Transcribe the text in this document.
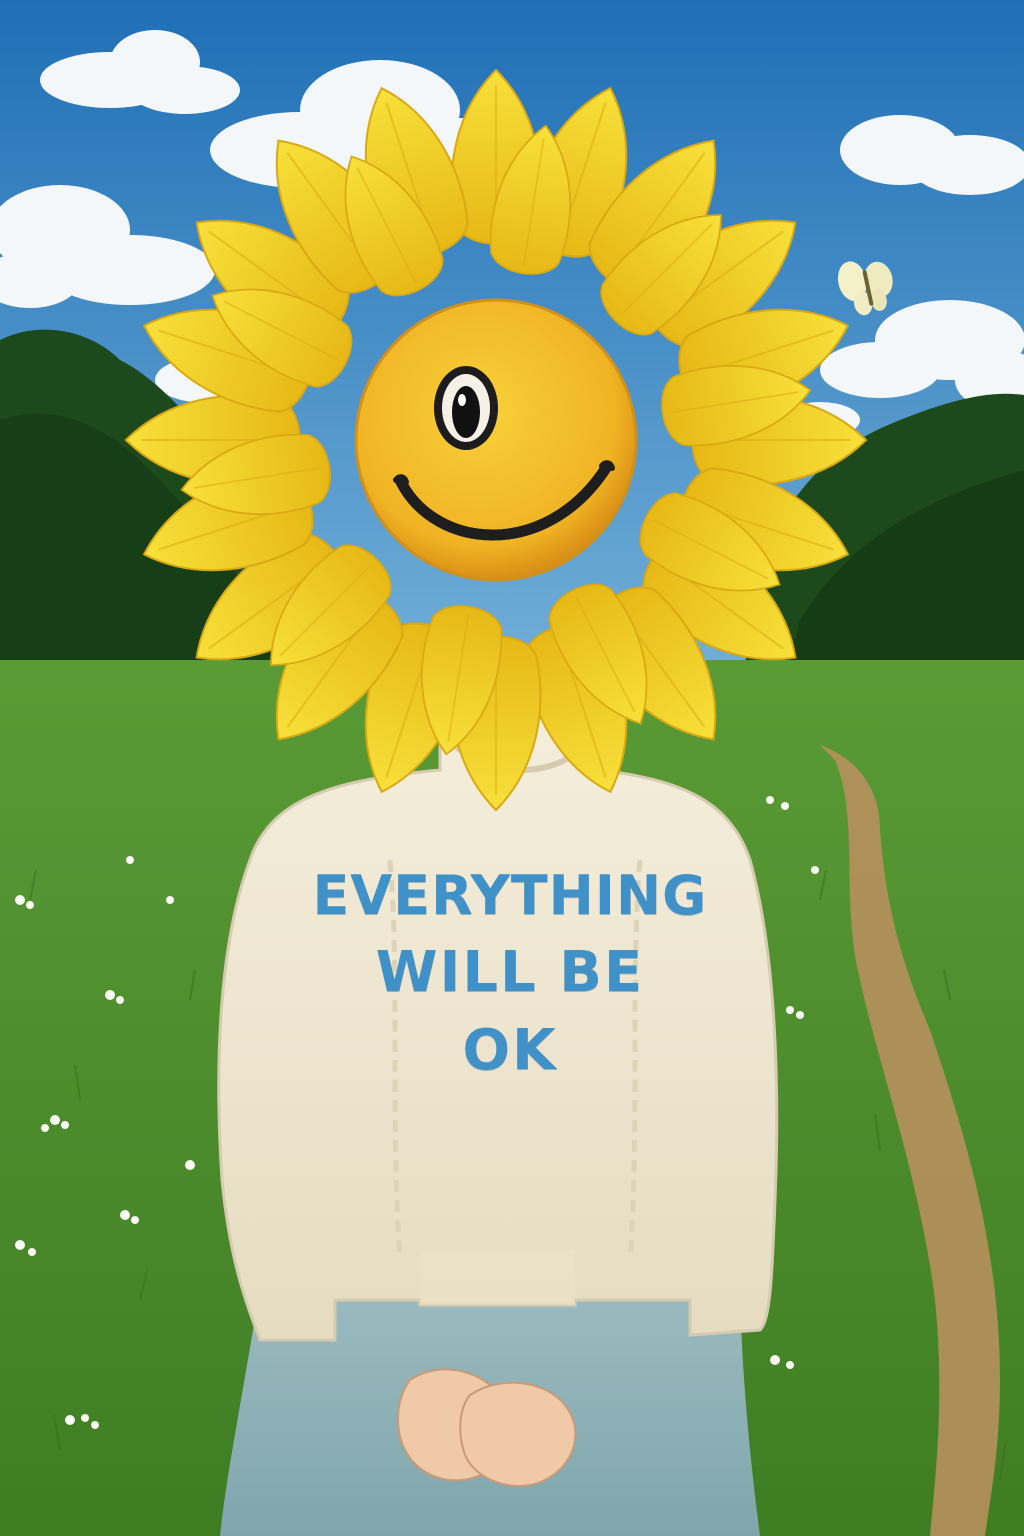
EVERYTHING
WILL BE
OK
